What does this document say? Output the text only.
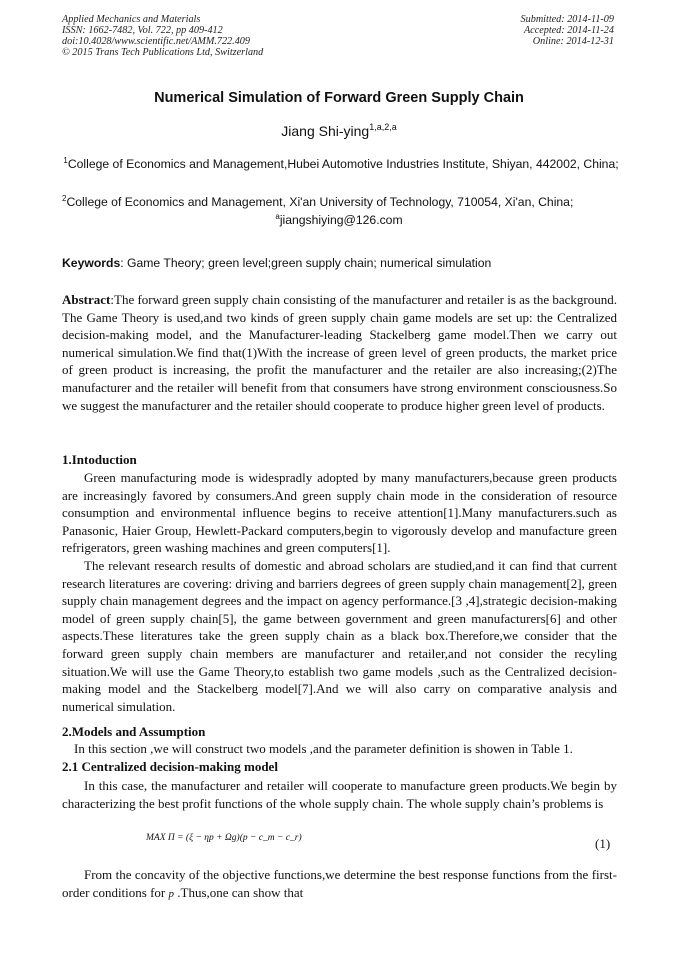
Applied Mechanics and Materials
ISSN: 1662-7482, Vol. 722, pp 409-412
doi:10.4028/www.scientific.net/AMM.722.409
© 2015 Trans Tech Publications Ltd, Switzerland
Submitted: 2014-11-09
Accepted: 2014-11-24
Online: 2014-12-31
Numerical Simulation of Forward Green Supply Chain
Jiang Shi-ying$^{1,a,2,a}$
$^1$College of Economics and Management,Hubei Automotive Industries Institute, Shiyan, 442002, China;
$^2$College of Economics and Management, Xi'an University of Technology, 710054, Xi'an, China;
$^a$jiangshiying@126.com
Keywords: Game Theory; green level;green supply chain; numerical simulation

Abstract:The forward green supply chain consisting of the manufacturer and retailer is as the background. The Game Theory is used,and two kinds of green supply chain game models are set up: the Centralized decision-making model, and the Manufacturer-leading Stackelberg game model.Then we carry out numerical simulation.We find that(1)With the increase of green level of green products, the market price of green product is increasing, the profit the manufacturer and the retailer are also increasing;(2)The manufacturer and the retailer will benefit from that consumers have strong environment consciousness.So we suggest the manufacturer and the retailer should cooperate to produce higher green level of products.

1.Intoduction

Green manufacturing mode is widespradly adopted by many manufacturers,because green products are increasingly favored by consumers.And green supply chain mode in the consideration of resource consumption and environmental influence begins to receive attention[1].Many manufacturers.such as Panasonic, Haier Group, Hewlett-Packard computers,begin to vigorously develop and manufacture green refrigerators, green washing machines and green computers[1].

The relevant research results of domestic and abroad scholars are studied,and it can find that current research literatures are covering: driving and barriers degrees of green supply chain management[2], green supply chain management degrees and the impact on agency performance.[3 ,4],strategic decision-making model of green supply chain[5], the game between government and green manufacturers[6] and other aspects.These literatures take the green supply chain as a black box.Therefore,we consider that the forward green supply chain members are manufacturer and retailer,and not consider the recyling situation.We will use the Game Theory,to establish two game models ,such as the Centralized decision-making model and the Stackelberg model[7].And we will also carry on comparative analysis and numerical simulation.

2.Models and Assumption
In this section ,we will construct two models ,and the parameter definition is showen in Table 1.
2.1 Centralized decision-making model

In this case, the manufacturer and retailer will cooperate to manufacture green products.We begin by characterizing the best profit functions of the whole supply chain. The whole supply chain’s problems is

MAX Π = (ξ − ηp + Ωg)(p − c_m − c_r)	(1)

From the concavity of the objective functions,we determine the best response functions from the first-order conditions for p .Thus,one can show that
